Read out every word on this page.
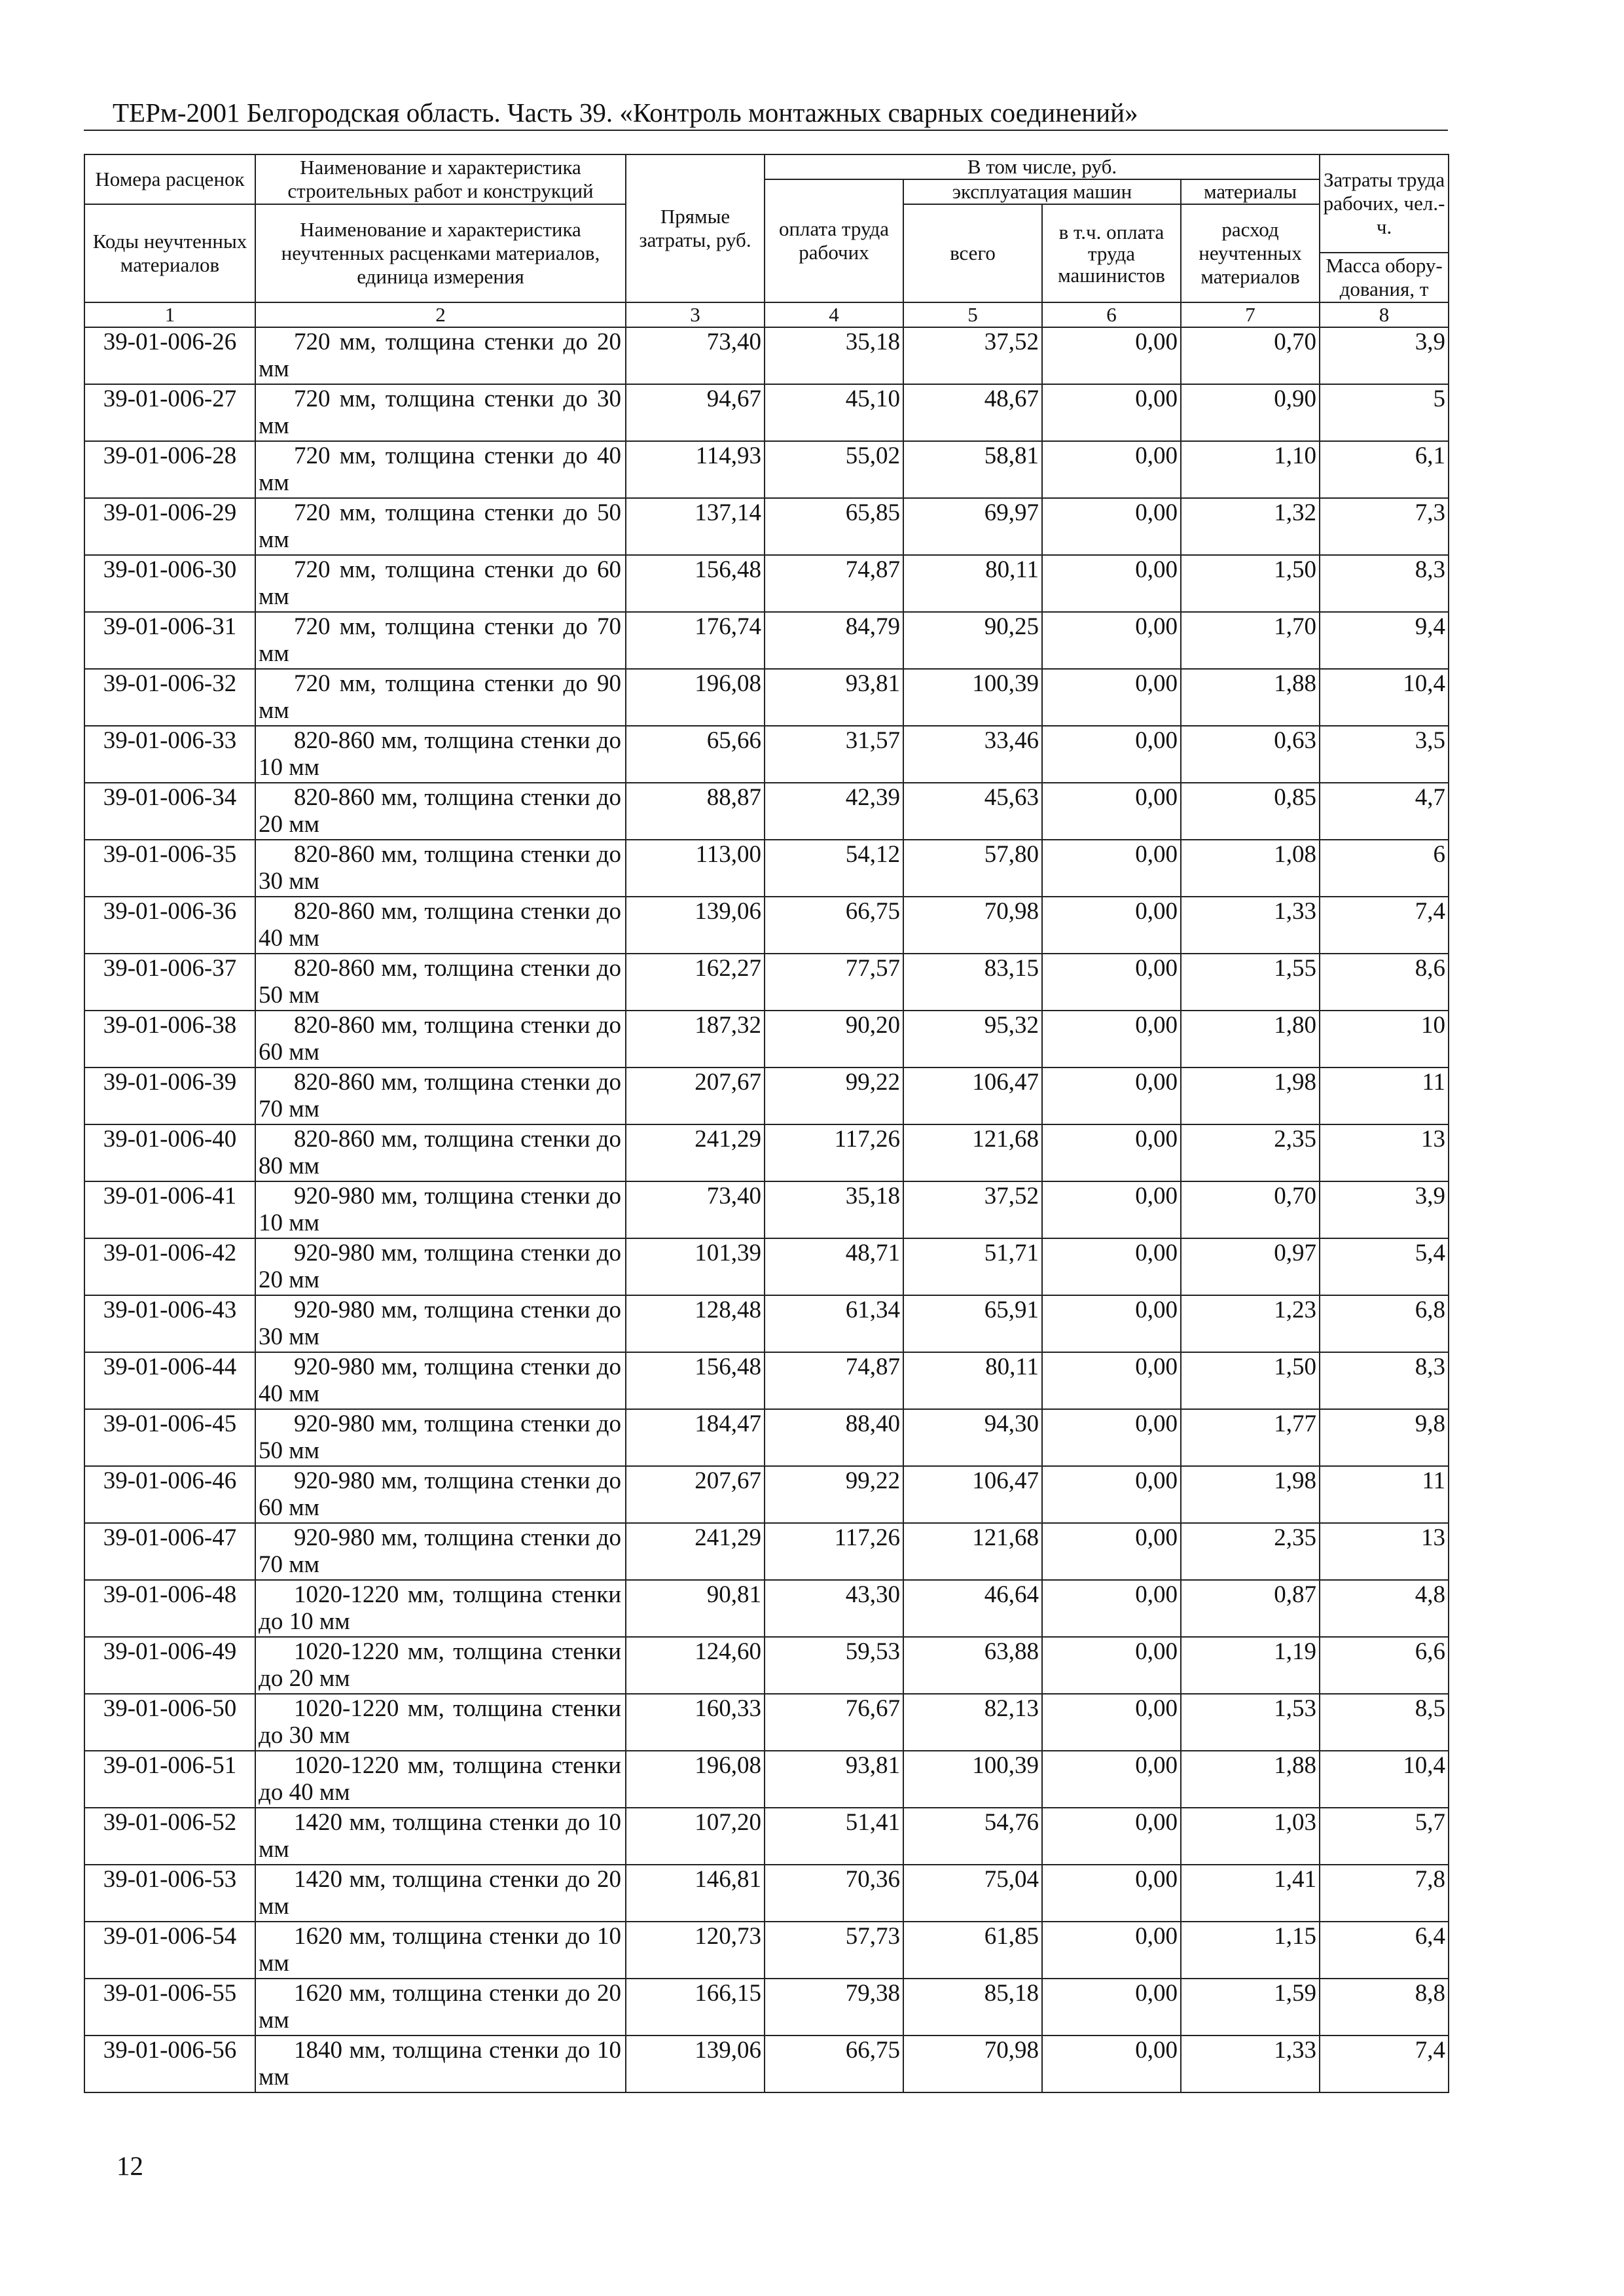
ТЕРм-2001 Белгородская область. Часть 39. «Контроль монтажных сварных соединений»
Номера расценок	Наименование и характеристика строительных работ и конструкций	Прямые затраты, руб.	В том числе, руб.				Затраты труда рабочих, чел.-ч.
			оплата труда рабочих	эксплуатация машин		материалы	
Коды неучтенных материалов	Наименование и характеристика неучтенных расценками материалов, единица измерения			всего	в т.ч. оплата труда машинистов	расход неучтенных материалов	
							Масса обору-дования, т
1	2	3	4	5	6	7	8
39-01-006-26	720 мм, толщина стенки до 20 мм	73,40	35,18	37,52	0,00	0,70	3,9
39-01-006-27	720 мм, толщина стенки до 30 мм	94,67	45,10	48,67	0,00	0,90	5
39-01-006-28	720 мм, толщина стенки до 40 мм	114,93	55,02	58,81	0,00	1,10	6,1
39-01-006-29	720 мм, толщина стенки до 50 мм	137,14	65,85	69,97	0,00	1,32	7,3
39-01-006-30	720 мм, толщина стенки до 60 мм	156,48	74,87	80,11	0,00	1,50	8,3
39-01-006-31	720 мм, толщина стенки до 70 мм	176,74	84,79	90,25	0,00	1,70	9,4
39-01-006-32	720 мм, толщина стенки до 90 мм	196,08	93,81	100,39	0,00	1,88	10,4
39-01-006-33	820-860 мм, толщина стенки до 10 мм	65,66	31,57	33,46	0,00	0,63	3,5
39-01-006-34	820-860 мм, толщина стенки до 20 мм	88,87	42,39	45,63	0,00	0,85	4,7
39-01-006-35	820-860 мм, толщина стенки до 30 мм	113,00	54,12	57,80	0,00	1,08	6
39-01-006-36	820-860 мм, толщина стенки до 40 мм	139,06	66,75	70,98	0,00	1,33	7,4
39-01-006-37	820-860 мм, толщина стенки до 50 мм	162,27	77,57	83,15	0,00	1,55	8,6
39-01-006-38	820-860 мм, толщина стенки до 60 мм	187,32	90,20	95,32	0,00	1,80	10
39-01-006-39	820-860 мм, толщина стенки до 70 мм	207,67	99,22	106,47	0,00	1,98	11
39-01-006-40	820-860 мм, толщина стенки до 80 мм	241,29	117,26	121,68	0,00	2,35	13
39-01-006-41	920-980 мм, толщина стенки до 10 мм	73,40	35,18	37,52	0,00	0,70	3,9
39-01-006-42	920-980 мм, толщина стенки до 20 мм	101,39	48,71	51,71	0,00	0,97	5,4
39-01-006-43	920-980 мм, толщина стенки до 30 мм	128,48	61,34	65,91	0,00	1,23	6,8
39-01-006-44	920-980 мм, толщина стенки до 40 мм	156,48	74,87	80,11	0,00	1,50	8,3
39-01-006-45	920-980 мм, толщина стенки до 50 мм	184,47	88,40	94,30	0,00	1,77	9,8
39-01-006-46	920-980 мм, толщина стенки до 60 мм	207,67	99,22	106,47	0,00	1,98	11
39-01-006-47	920-980 мм, толщина стенки до 70 мм	241,29	117,26	121,68	0,00	2,35	13
39-01-006-48	1020-1220 мм, толщина стенки до 10 мм	90,81	43,30	46,64	0,00	0,87	4,8
39-01-006-49	1020-1220 мм, толщина стенки до 20 мм	124,60	59,53	63,88	0,00	1,19	6,6
39-01-006-50	1020-1220 мм, толщина стенки до 30 мм	160,33	76,67	82,13	0,00	1,53	8,5
39-01-006-51	1020-1220 мм, толщина стенки до 40 мм	196,08	93,81	100,39	0,00	1,88	10,4
39-01-006-52	1420 мм, толщина стенки до 10 мм	107,20	51,41	54,76	0,00	1,03	5,7
39-01-006-53	1420 мм, толщина стенки до 20 мм	146,81	70,36	75,04	0,00	1,41	7,8
39-01-006-54	1620 мм, толщина стенки до 10 мм	120,73	57,73	61,85	0,00	1,15	6,4
39-01-006-55	1620 мм, толщина стенки до 20 мм	166,15	79,38	85,18	0,00	1,59	8,8
39-01-006-56	1840 мм, толщина стенки до 10 мм	139,06	66,75	70,98	0,00	1,33	7,4
12
